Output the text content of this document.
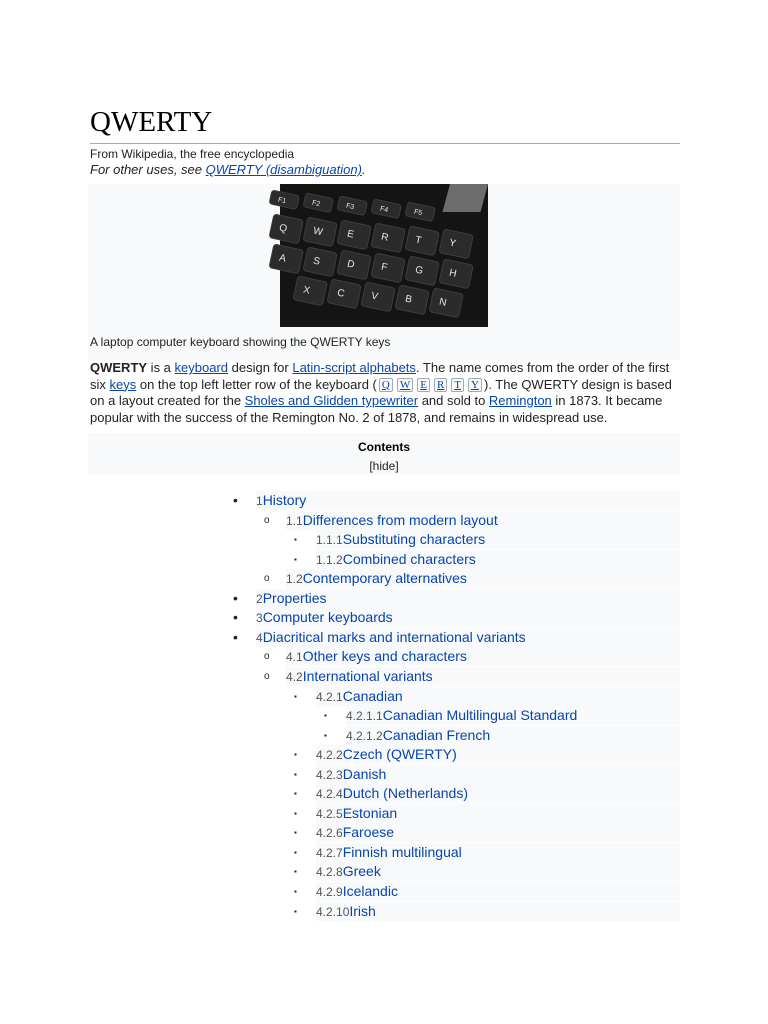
QWERTY
From Wikipedia, the free encyclopedia
For other uses, see QWERTY (disambiguation).
F1	F2	F3	F4	F5
Q W E	R T	Y
A	S	D F	G H
X	C V	B	N
A laptop computer keyboard showing the QWERTY keys
QWERTY is a keyboard design for Latin-script alphabets. The name comes from the order of the first six keys on the top left letter row of the keyboard ( Q W E R T Y ). The QWERTY design is based on a layout created for the Sholes and Glidden typewriter and sold to Remington in 1873. It became popular with the success of the Remington No. 2 of 1878, and remains in widespread use.
Contents
[hide]
• 1History
o 1.1Differences from modern layout
▪ 1.1.1Substituting characters
▪ 1.1.2Combined characters
o 1.2Contemporary alternatives
• 2Properties
• 3Computer keyboards
• 4Diacritical marks and international variants
o 4.1Other keys and characters
o 4.2International variants
▪ 4.2.1Canadian
▪ 4.2.1.1Canadian Multilingual Standard
▪ 4.2.1.2Canadian French
▪ 4.2.2Czech (QWERTY)
▪ 4.2.3Danish
▪ 4.2.4Dutch (Netherlands)
▪ 4.2.5Estonian
▪ 4.2.6Faroese
▪ 4.2.7Finnish multilingual
▪ 4.2.8Greek
▪ 4.2.9Icelandic
▪ 4.2.10Irish
